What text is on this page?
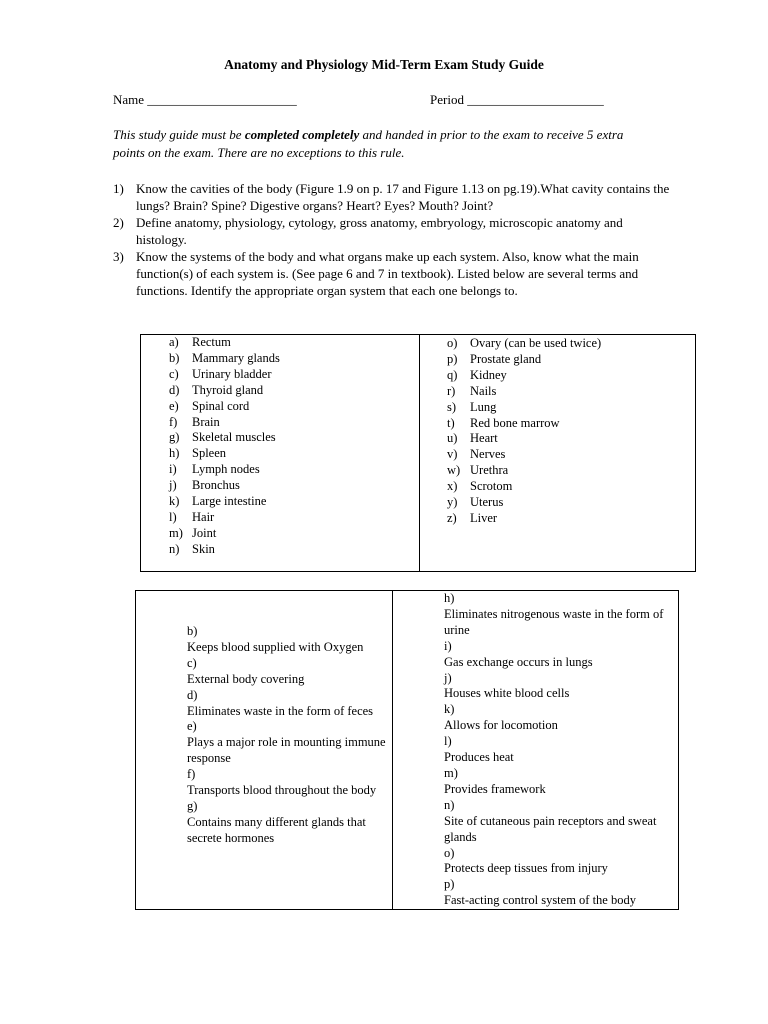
Anatomy and Physiology Mid-Term Exam Study Guide
Name _______________________	Period _____________________
This study guide must be completed completely and handed in prior to the exam to receive 5 extra points on the exam. There are no exceptions to this rule.
1) Know the cavities of the body (Figure 1.9 on p. 17 and Figure 1.13 on pg.19).What cavity contains the lungs? Brain? Spine? Digestive organs? Heart? Eyes? Mouth? Joint?
2) Define anatomy, physiology, cytology, gross anatomy, embryology, microscopic anatomy and histology.
3) Know the systems of the body and what organs make up each system. Also, know what the main function(s) of each system is. (See page 6 and 7 in textbook). Listed below are several terms and functions. Identify the appropriate organ system that each one belongs to.
a) Rectum
b) Mammary glands
c) Urinary bladder
d) Thyroid gland
e) Spinal cord
f) Brain
g) Skeletal muscles
h) Spleen
i) Lymph nodes
j) Bronchus
k) Large intestine
l) Hair
m) Joint
n) Skin
o) Ovary (can be used twice)
p) Prostate gland
q) Kidney
r) Nails
s) Lung
t) Red bone marrow
u) Heart
v) Nerves
w) Urethra
x) Scrotom
y) Uterus
z) Liver
b)
Keeps blood supplied with Oxygen
c)
External body covering
d)
Eliminates waste in the form of feces
e)
Plays a major role in mounting immune response
f)
Transports blood throughout the body
g)
Contains many different glands that secrete hormones
h)
Eliminates nitrogenous waste in the form of urine
i)
Gas exchange occurs in lungs
j)
Houses white blood cells
k)
Allows for locomotion
l)
Produces heat
m)
Provides framework
n)
Site of cutaneous pain receptors and sweat glands
o)
Protects deep tissues from injury
p)
Fast-acting control system of the body
